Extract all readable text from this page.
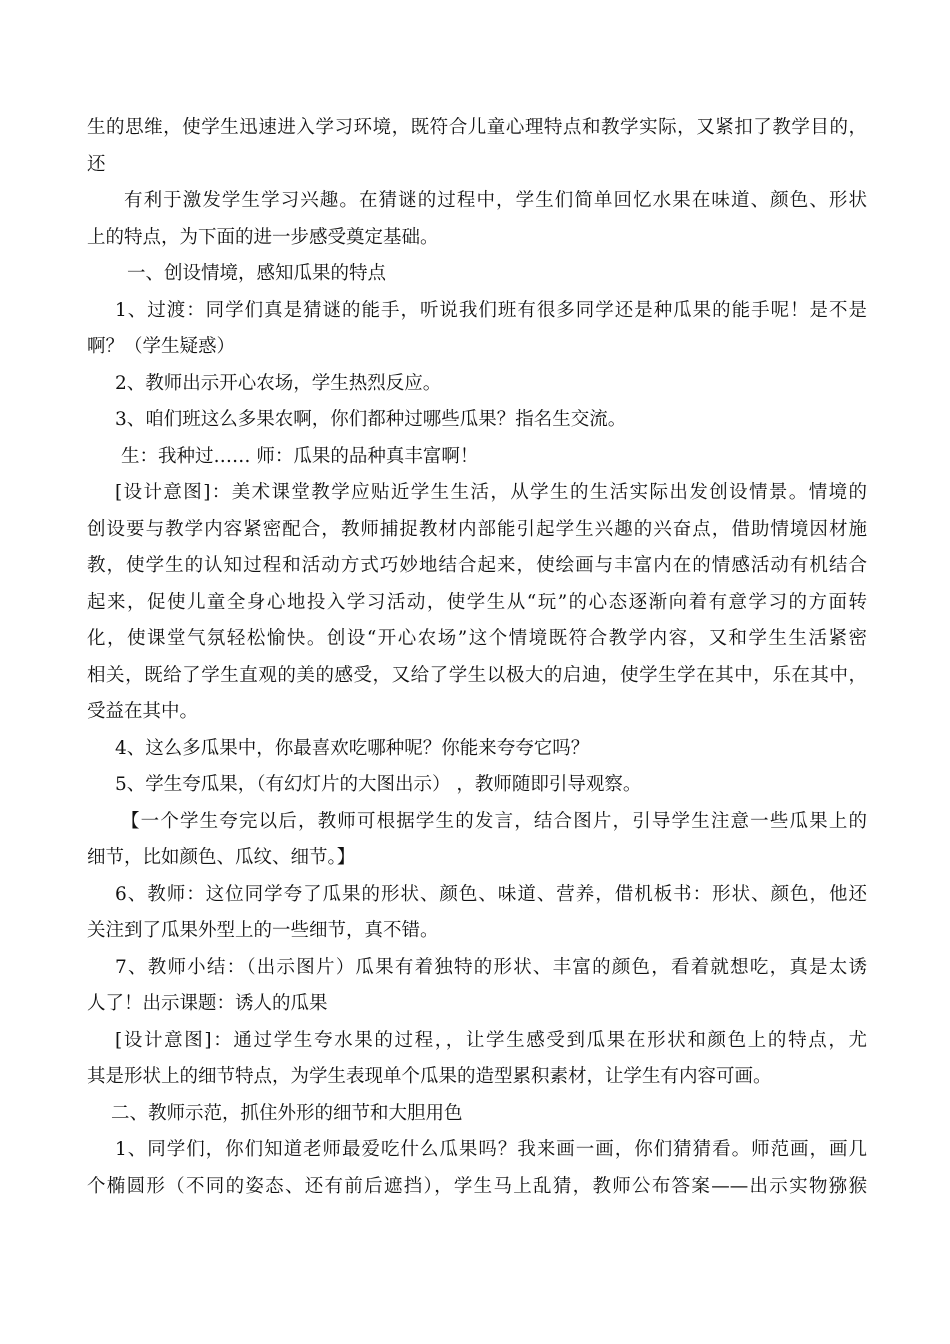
生的思维，使学生迅速进入学习环境，既符合儿童心理特点和教学实际，又紧扣了教学目的，
还
有利于激发学生学习兴趣。在猜谜的过程中，学生们简单回忆水果在味道、颜色、形状
上的特点，为下面的进一步感受奠定基础。
一、创设情境，感知瓜果的特点
1、过渡：同学们真是猜谜的能手，听说我们班有很多同学还是种瓜果的能手呢！是不是
啊？（学生疑惑）
2、教师出示开心农场，学生热烈反应。
3、咱们班这么多果农啊，你们都种过哪些瓜果？指名生交流。
生：我种过…… 师：瓜果的品种真丰富啊！
[设计意图]：美术课堂教学应贴近学生生活，从学生的生活实际出发创设情景。情境的
创设要与教学内容紧密配合，教师捕捉教材内部能引起学生兴趣的兴奋点，借助情境因材施
教，使学生的认知过程和活动方式巧妙地结合起来，使绘画与丰富内在的情感活动有机结合
起来，促使儿童全身心地投入学习活动，使学生从“玩”的心态逐渐向着有意学习的方面转
化，使课堂气氛轻松愉快。创设“开心农场”这个情境既符合教学内容，又和学生生活紧密
相关，既给了学生直观的美的感受，又给了学生以极大的启迪，使学生学在其中，乐在其中，
受益在其中。
4、这么多瓜果中，你最喜欢吃哪种呢？你能来夸夸它吗？
5、学生夸瓜果，（有幻灯片的大图出示） ，教师随即引导观察。
【一个学生夸完以后，教师可根据学生的发言，结合图片，引导学生注意一些瓜果上的
细节，比如颜色、瓜纹、细节。】
6、教师：这位同学夸了瓜果的形状、颜色、味道、营养，借机板书：形状、颜色，他还
关注到了瓜果外型上的一些细节，真不错。
7、教师小结：（出示图片）瓜果有着独特的形状、丰富的颜色，看着就想吃，真是太诱
人了！出示课题：诱人的瓜果
[设计意图]：通过学生夸水果的过程，，让学生感受到瓜果在形状和颜色上的特点，尤
其是形状上的细节特点，为学生表现单个瓜果的造型累积素材，让学生有内容可画。
二、教师示范，抓住外形的细节和大胆用色
1、同学们，你们知道老师最爱吃什么瓜果吗？我来画一画，你们猜猜看。师范画，画几
个椭圆形（不同的姿态、还有前后遮挡），学生马上乱猜，教师公布答案——出示实物猕猴
